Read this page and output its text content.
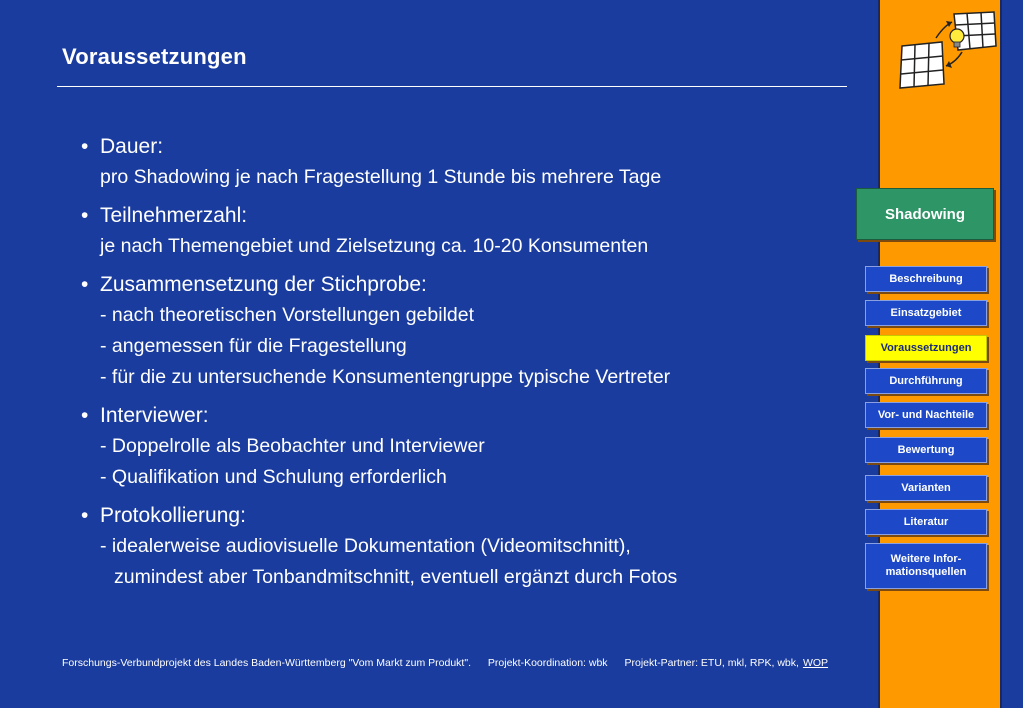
Voraussetzungen
• Dauer:
pro Shadowing je nach Fragestellung 1 Stunde bis mehrere Tage
• Teilnehmerzahl:
je nach Themengebiet und Zielsetzung ca. 10-20 Konsumenten
• Zusammensetzung der Stichprobe:
- nach theoretischen Vorstellungen gebildet
- angemessen für die Fragestellung
- für die zu untersuchende Konsumentengruppe typische Vertreter
• Interviewer:
- Doppelrolle als Beobachter und Interviewer
- Qualifikation und Schulung erforderlich
• Protokollierung:
- idealerweise audiovisuelle Dokumentation (Videomitschnitt),
zumindest aber Tonbandmitschnitt, eventuell ergänzt durch Fotos
Forschungs-Verbundprojekt des Landes Baden-Württemberg "Vom Markt zum Produkt". Projekt-Koordination: wbk Projekt-Partner: ETU, mkl, RPK, wbk, WOP
Shadowing
Beschreibung
Einsatzgebiet
Voraussetzungen
Durchführung
Vor- und Nachteile
Bewertung
Varianten
Literatur
Weitere Infor-
mationsquellen
